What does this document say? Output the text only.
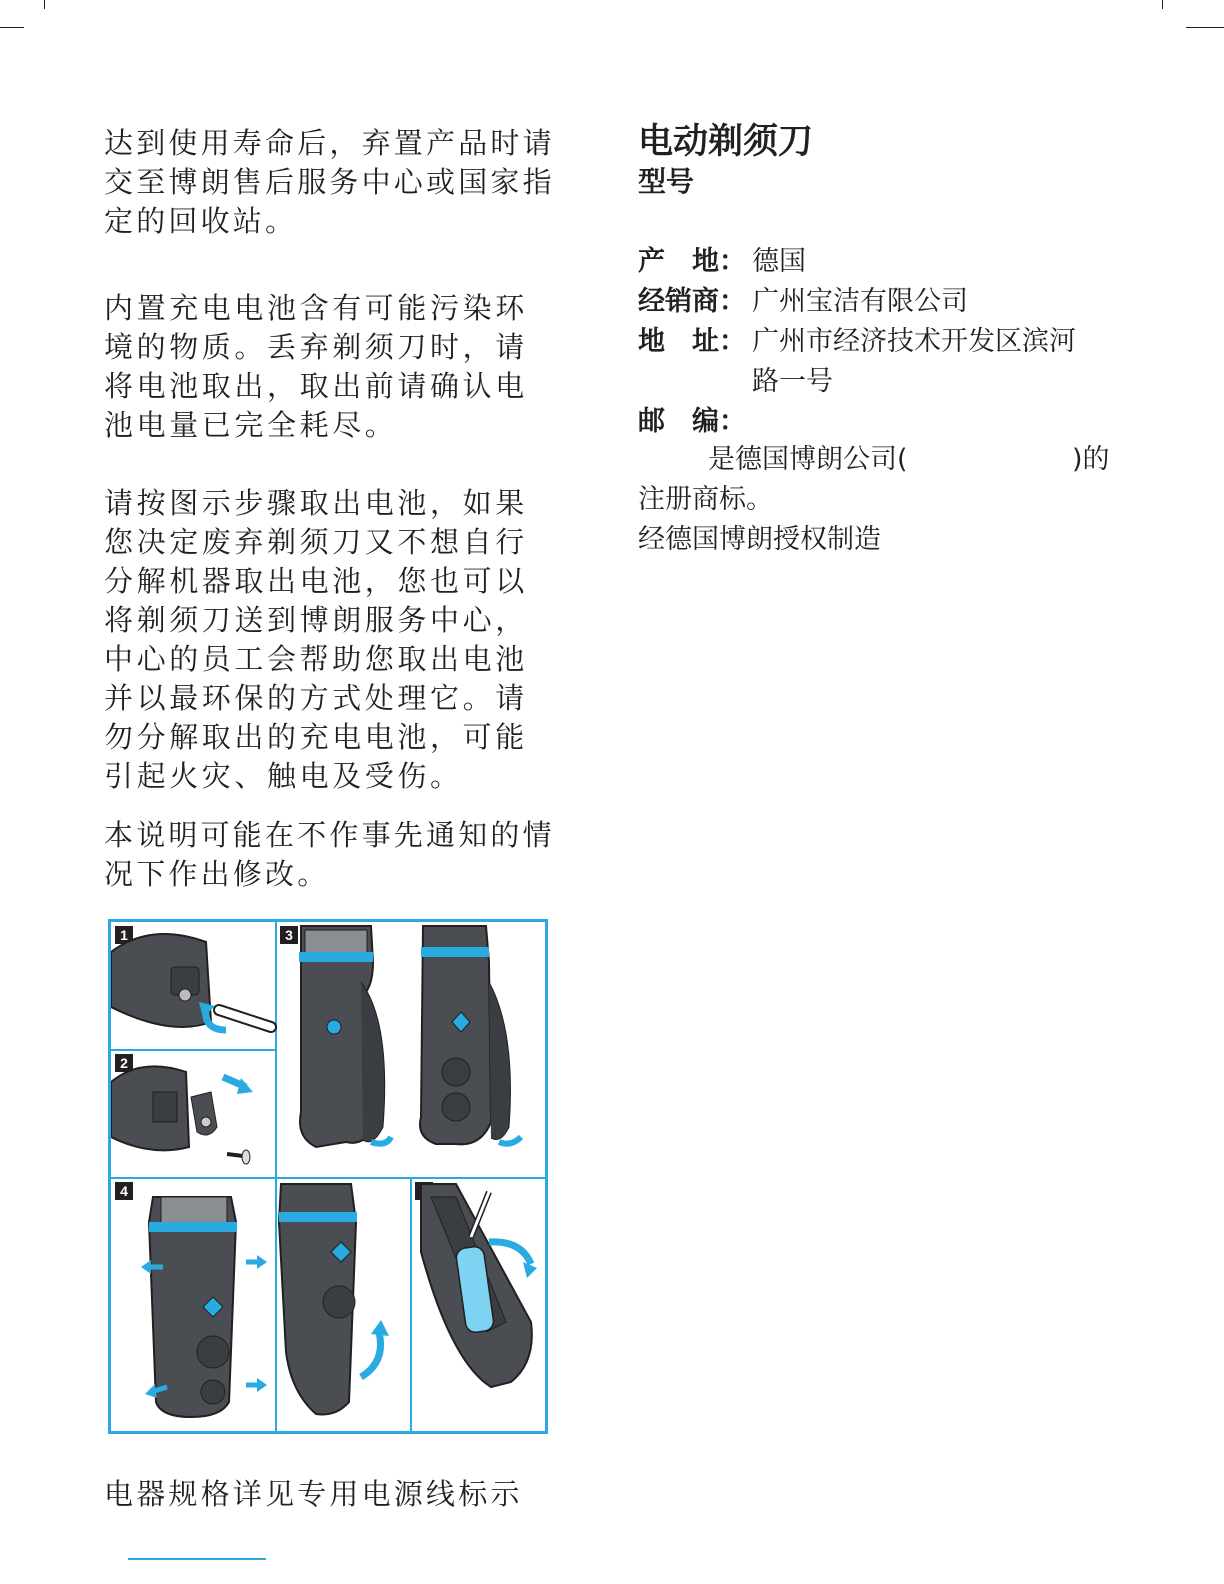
达到使用寿命后，弃置产品时请
交至博朗售后服务中心或国家指
定的回收站。

内置充电电池含有可能污染环
境的物质。丢弃剃须刀时，请
将电池取出，取出前请确认电
池电量已完全耗尽。

请按图示步骤取出电池，如果
您决定废弃剃须刀又不想自行
分解机器取出电池，您也可以
将剃须刀送到博朗服务中心，
中心的员工会帮助您取出电池
并以最环保的方式处理它。请
勿分解取出的充电电池，可能
引起火灾、触电及受伤。

本说明可能在不作事先通知的情
况下作出修改。

电动剃须刀
型号

产　地： 德国

经销商： 广州宝洁有限公司

地　址： 广州市经济技术开发区滨河

路一号

邮　编：

是德国博朗公司(	)的

注册商标。

经德国博朗授权制造

1
2
3
4

电器规格详见专用电源线标示
